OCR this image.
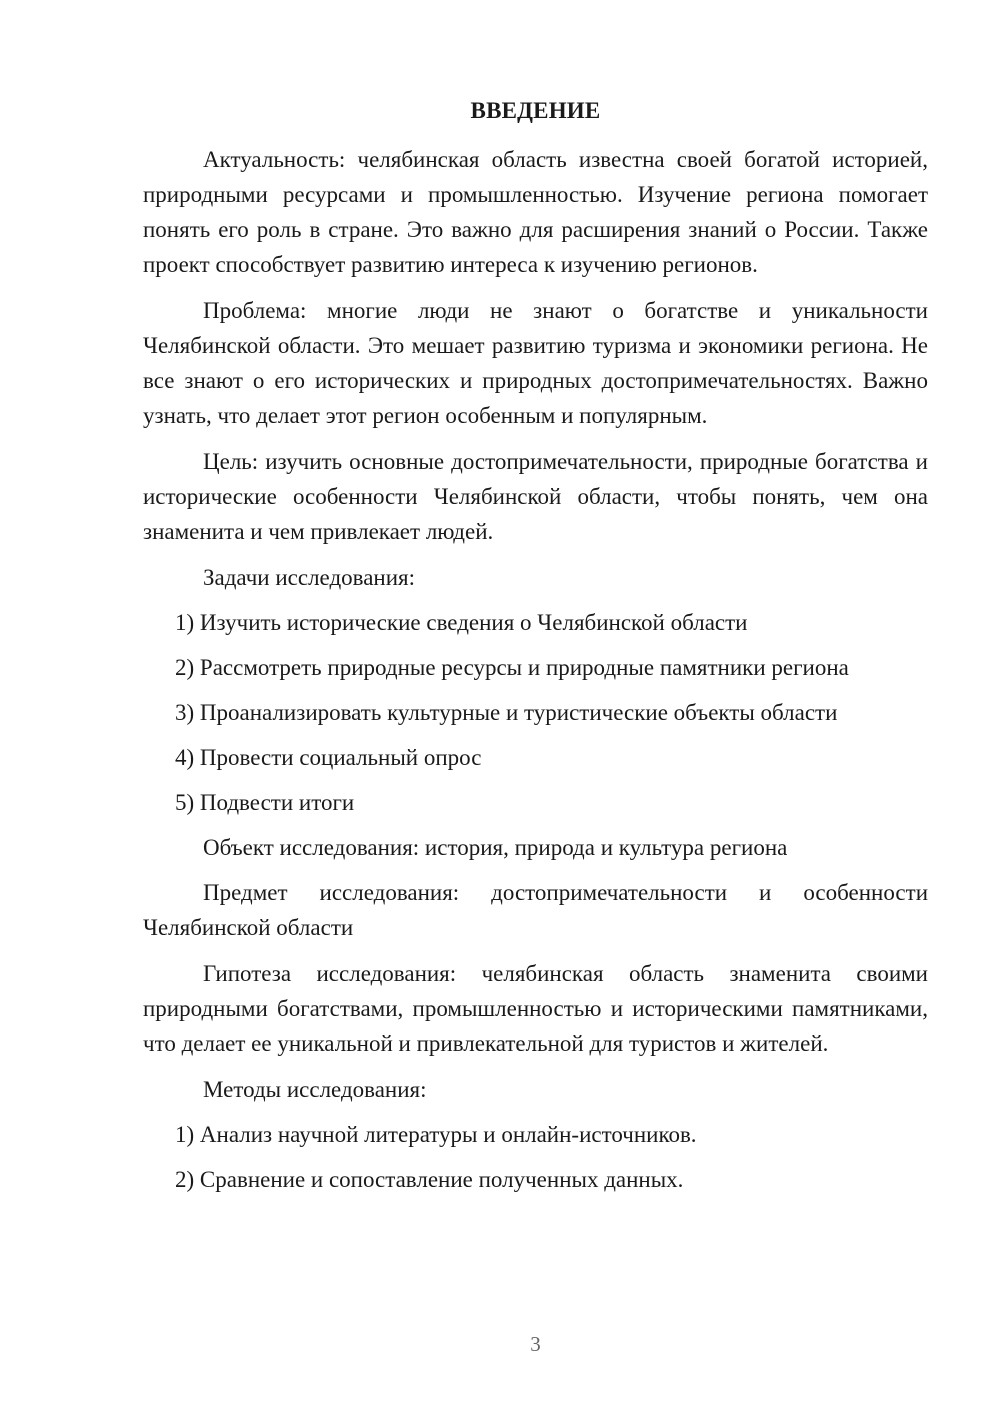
ВВЕДЕНИЕ

Актуальность: челябинская область известна своей богатой историей, природными ресурсами и промышленностью. Изучение региона помогает понять его роль в стране. Это важно для расширения знаний о России. Также проект способствует развитию интереса к изучению регионов.

Проблема: многие люди не знают о богатстве и уникальности Челябинской области. Это мешает развитию туризма и экономики региона. Не все знают о его исторических и природных достопримечательностях. Важно узнать, что делает этот регион особенным и популярным.

Цель: изучить основные достопримечательности, природные богатства и исторические особенности Челябинской области, чтобы понять, чем она знаменита и чем привлекает людей.

Задачи исследования:

1) Изучить исторические сведения о Челябинской области

2) Рассмотреть природные ресурсы и природные памятники региона

3) Проанализировать культурные и туристические объекты области

4) Провести социальный опрос

5) Подвести итоги

Объект исследования: история, природа и культура региона

Предмет исследования: достопримечательности и особенности Челябинской области

Гипотеза исследования: челябинская область знаменита своими природными богатствами, промышленностью и историческими памятниками, что делает ее уникальной и привлекательной для туристов и жителей.

Методы исследования:

1) Анализ научной литературы и онлайн-источников.

2) Сравнение и сопоставление полученных данных.

3
